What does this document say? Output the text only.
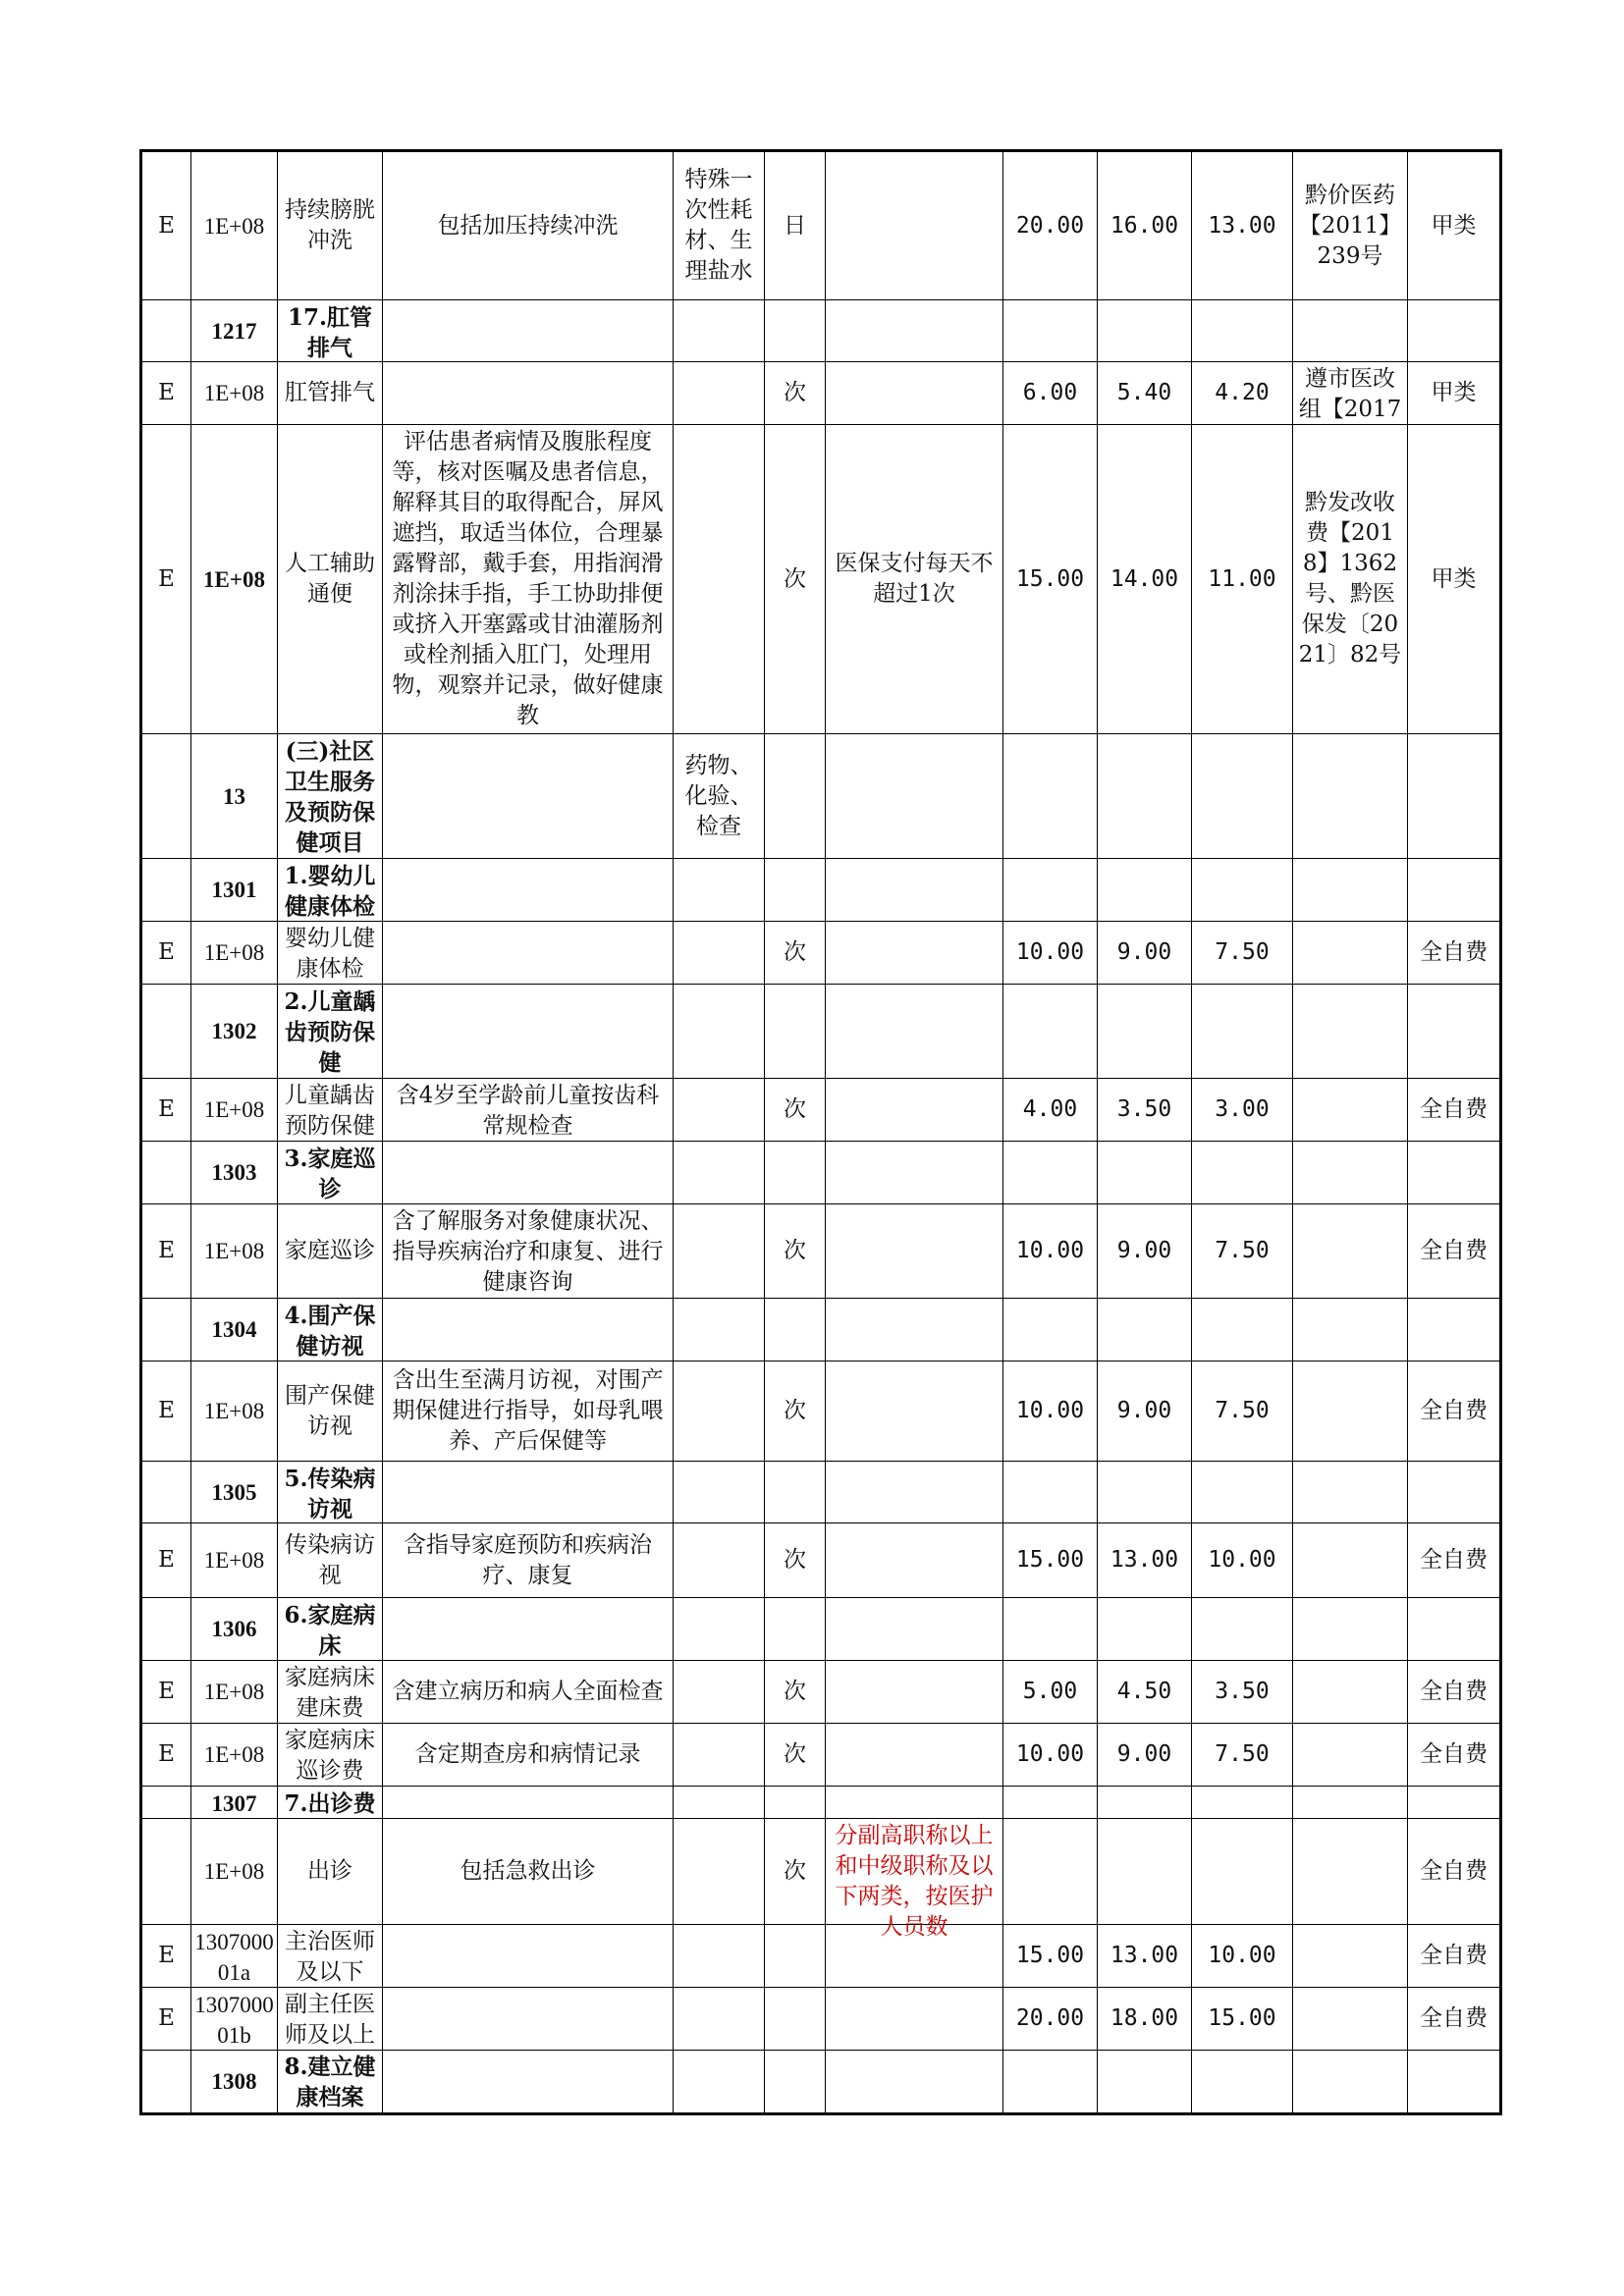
E	1E+08	持续膀胱冲洗	包括加压持续冲洗	特殊一次性耗材、生理盐水	日		20.00	16.00	13.00	黔价医药【2011】239号	甲类

	1217	17.肛管排气									

E	1E+08	肛管排气			次		6.00	5.40	4.20	遵市医改组【2017	甲类

E	1E+08	人工辅助通便	评估患者病情及腹胀程度等，核对医嘱及患者信息，解释其目的取得配合，屏风遮挡，取适当体位，合理暴露臀部，戴手套，用指润滑剂涂抹手指，手工协助排便或挤入开塞露或甘油灌肠剂或栓剂插入肛门，处理用物，观察并记录，做好健康教		次	医保支付每天不超过1次	15.00	14.00	11.00	黔发改收费【2018】1362号、黔医保发〔2021〕82号	甲类

	13	(三)社区卫生服务及预防保健项目		药物、化验、检查							

	1301	1.婴幼儿健康体检									

E	1E+08	婴幼儿健康体检			次		10.00	9.00	7.50		全自费

	1302	2.儿童龋齿预防保健									

E	1E+08	儿童龋齿预防保健	含4岁至学龄前儿童按齿科常规检查		次		4.00	3.50	3.00		全自费

	1303	3.家庭巡诊									

E	1E+08	家庭巡诊	含了解服务对象健康状况、指导疾病治疗和康复、进行健康咨询		次		10.00	9.00	7.50		全自费

	1304	4.围产保健访视									

E	1E+08	围产保健访视	含出生至满月访视，对围产期保健进行指导，如母乳喂养、产后保健等		次		10.00	9.00	7.50		全自费

	1305	5.传染病访视									

E	1E+08	传染病访视	含指导家庭预防和疾病治疗、康复		次		15.00	13.00	10.00		全自费

	1306	6.家庭病床									

E	1E+08	家庭病床建床费	含建立病历和病人全面检查		次		5.00	4.50	3.50		全自费

E	1E+08	家庭病床巡诊费	含定期查房和病情记录		次		10.00	9.00	7.50		全自费

	1307	7.出诊费									

	1E+08	出诊	包括急救出诊		次	分副高职称以上和中级职称及以下两类，按医护人员数					全自费

E	130700001a	主治医师及以下					15.00	13.00	10.00		全自费

E	130700001b	副主任医师及以上					20.00	18.00	15.00		全自费

	1308	8.建立健康档案									
